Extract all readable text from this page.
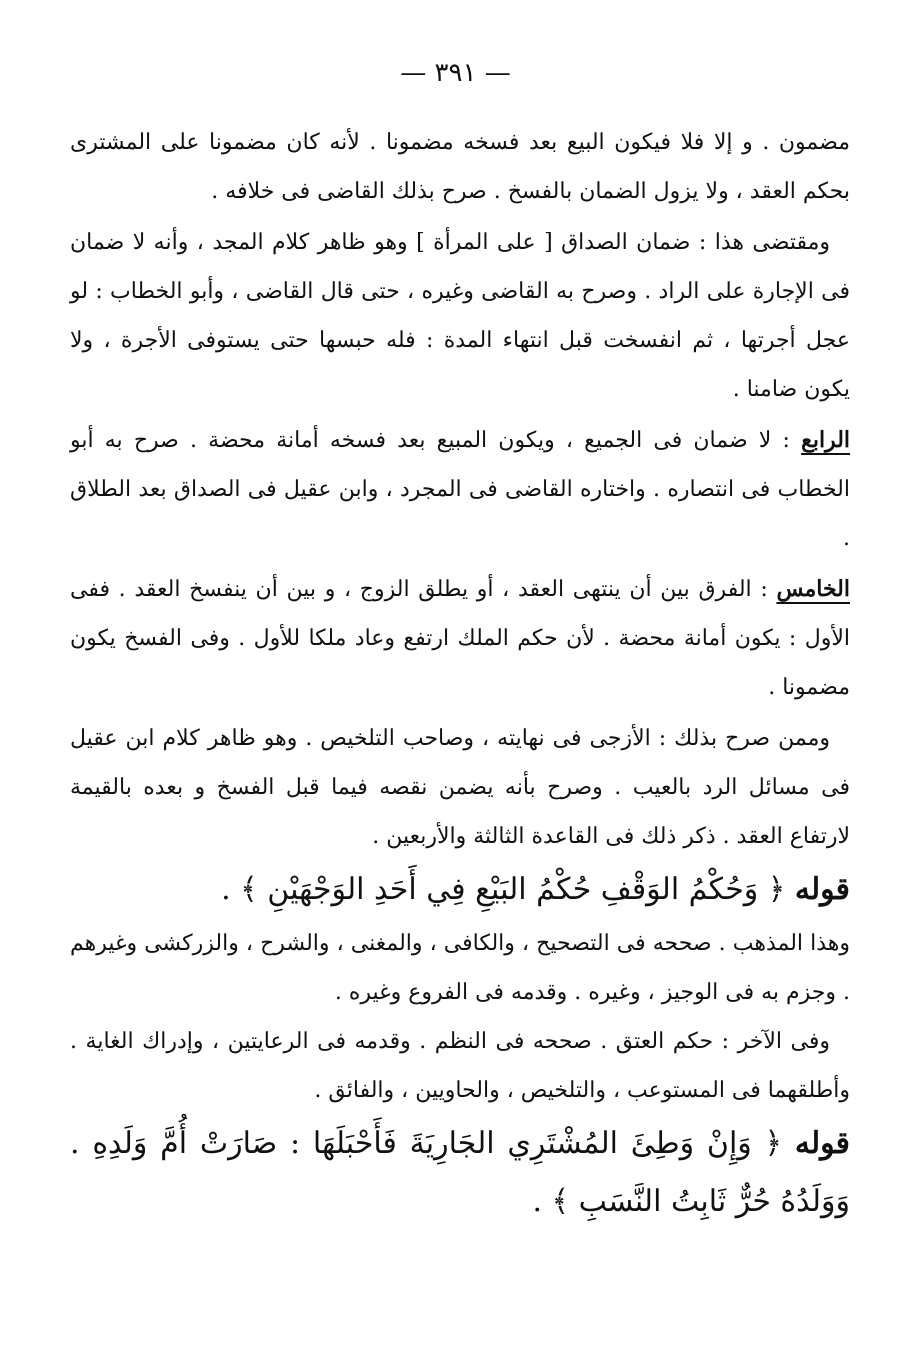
— ٣٩١ —

مضمون . و إلا فلا فيكون البيع بعد فسخه مضمونا . لأنه كان مضمونا على المشترى بحكم العقد ، ولا يزول الضمان بالفسخ . صرح بذلك القاضى فى خلافه .

ومقتضى هذا : ضمان الصداق [ على المرأة ] وهو ظاهر كلام المجد ، وأنه لا ضمان فى الإجارة على الراد . وصرح به القاضى وغيره ، حتى قال القاضى ، وأبو الخطاب : لو عجل أجرتها ، ثم انفسخت قبل انتهاء المدة : فله حبسها حتى يستوفى الأجرة ، ولا يكون ضامنا .

الرابع : لا ضمان فى الجميع ، ويكون المبيع بعد فسخه أمانة محضة . صرح به أبو الخطاب فى انتصاره . واختاره القاضى فى المجرد ، وابن عقيل فى الصداق بعد الطلاق .

الخامس : الفرق بين أن ينتهى العقد ، أو يطلق الزوج ، و بين أن ينفسخ العقد . ففى الأول : يكون أمانة محضة . لأن حكم الملك ارتفع وعاد ملكا للأول . وفى الفسخ يكون مضمونا .

وممن صرح بذلك : الأزجى فى نهايته ، وصاحب التلخيص . وهو ظاهر كلام ابن عقيل فى مسائل الرد بالعيب . وصرح بأنه يضمن نقصه فيما قبل الفسخ و بعده بالقيمة لارتفاع العقد . ذكر ذلك فى القاعدة الثالثة والأربعين .

قوله ﴿ وَحُكْمُ الوَقْفِ حُكْمُ البَيْعِ فِي أَحَدِ الوَجْهَيْنِ ﴾ .

وهذا المذهب . صححه فى التصحيح ، والكافى ، والمغنى ، والشرح ، والزركشى وغيرهم . وجزم به فى الوجيز ، وغيره . وقدمه فى الفروع وغيره .

وفى الآخر : حكم العتق . صححه فى النظم . وقدمه فى الرعايتين ، وإدراك الغاية . وأطلقهما فى المستوعب ، والتلخيص ، والحاويين ، والفائق .

قوله ﴿ وَإِنْ وَطِئَ المُشْتَرِي الجَارِيَةَ فَأَحْبَلَهَا : صَارَتْ أُمَّ وَلَدِهِ . وَوَلَدُهُ حُرٌّ ثَابِتُ النَّسَبِ ﴾ .
